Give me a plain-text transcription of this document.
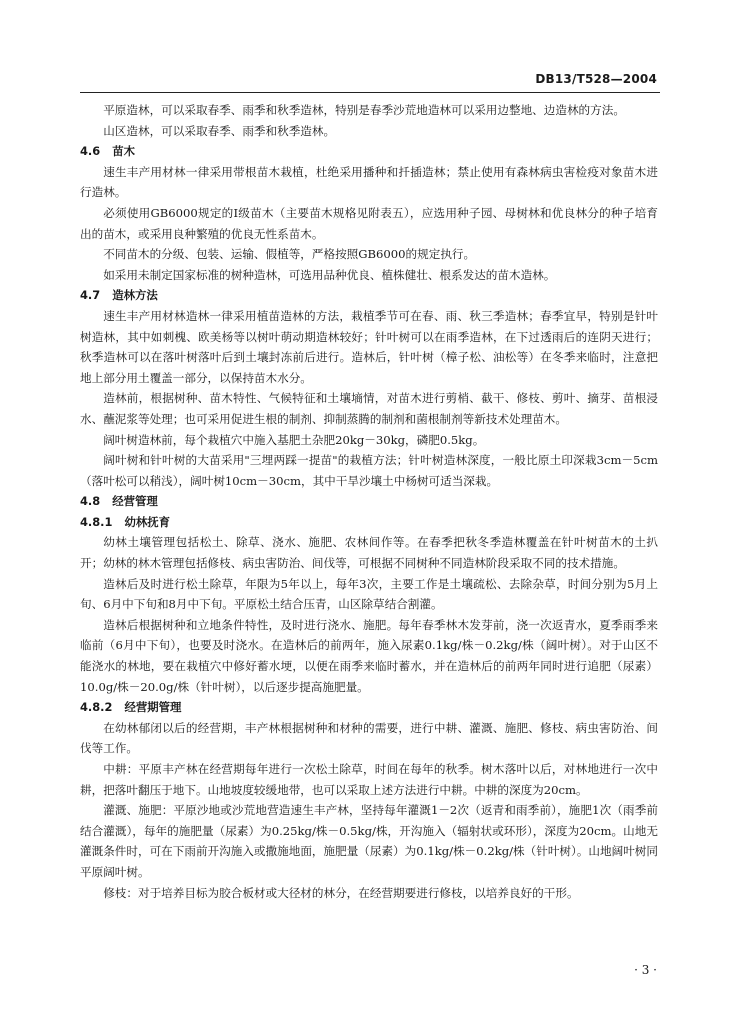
DB13/T528—2004
平原造林，可以采取春季、雨季和秋季造林，特别是春季沙荒地造林可以采用边整地、边造林的方法。
山区造林，可以采取春季、雨季和秋季造林。
4.6 苗木
速生丰产用材林一律采用带根苗木栽植，杜绝采用播种和扦插造林；禁止使用有森林病虫害检疫对象苗木进行造林。
必须使用GB6000规定的Ⅰ级苗木（主要苗木规格见附表五），应选用种子园、母树林和优良林分的种子培育出的苗木，或采用良种繁殖的优良无性系苗木。
不同苗木的分级、包装、运输、假植等，严格按照GB6000的规定执行。
如采用未制定国家标准的树种造林，可选用品种优良、植株健壮、根系发达的苗木造林。
4.7 造林方法
速生丰产用材林造林一律采用植苗造林的方法，栽植季节可在春、雨、秋三季造林；春季宜早，特别是针叶树造林，其中如刺槐、欧美杨等以树叶萌动期造林较好；针叶树可以在雨季造林，在下过透雨后的连阴天进行；秋季造林可以在落叶树落叶后到土壤封冻前后进行。造林后，针叶树（樟子松、油松等）在冬季来临时，注意把地上部分用土覆盖一部分，以保持苗木水分。
造林前，根据树种、苗木特性、气候特征和土壤墒情，对苗木进行剪梢、截干、修枝、剪叶、摘芽、苗根浸水、蘸泥浆等处理；也可采用促进生根的制剂、抑制蒸腾的制剂和菌根制剂等新技术处理苗木。
阔叶树造林前，每个栽植穴中施入基肥土杂肥20kg－30kg，磷肥0.5kg。
阔叶树和针叶树的大苗采用"三埋两踩一提苗"的栽植方法；针叶树造林深度，一般比原土印深栽3cm－5cm（落叶松可以稍浅），阔叶树10cm－30cm，其中干旱沙壤土中杨树可适当深栽。
4.8 经营管理
4.8.1 幼林抚育
幼林土壤管理包括松土、除草、浇水、施肥、农林间作等。在春季把秋冬季造林覆盖在针叶树苗木的土扒开；幼林的林木管理包括修枝、病虫害防治、间伐等，可根据不同树种不同造林阶段采取不同的技术措施。
造林后及时进行松土除草，年限为5年以上，每年3次，主要工作是土壤疏松、去除杂草，时间分别为5月上旬、6月中下旬和8月中下旬。平原松土结合压青，山区除草结合割灌。
造林后根据树种和立地条件特性，及时进行浇水、施肥。每年春季林木发芽前，浇一次返青水，夏季雨季来临前（6月中下旬），也要及时浇水。在造林后的前两年，施入尿素0.1kg/株－0.2kg/株（阔叶树）。对于山区不能浇水的林地，要在栽植穴中修好蓄水埂，以便在雨季来临时蓄水，并在造林后的前两年同时进行追肥（尿素）10.0g/株－20.0g/株（针叶树），以后逐步提高施肥量。
4.8.2 经营期管理
在幼林郁闭以后的经营期，丰产林根据树种和材种的需要，进行中耕、灌溉、施肥、修枝、病虫害防治、间伐等工作。
中耕：平原丰产林在经营期每年进行一次松土除草，时间在每年的秋季。树木落叶以后，对林地进行一次中耕，把落叶翻压于地下。山地坡度较缓地带，也可以采取上述方法进行中耕。中耕的深度为20cm。
灌溉、施肥：平原沙地或沙荒地营造速生丰产林，坚持每年灌溉1－2次（返青和雨季前），施肥1次（雨季前结合灌溉），每年的施肥量（尿素）为0.25kg/株－0.5kg/株，开沟施入（辐射状或环形），深度为20cm。山地无灌溉条件时，可在下雨前开沟施入或撒施地面，施肥量（尿素）为0.1kg/株－0.2kg/株（针叶树）。山地阔叶树同平原阔叶树。
修枝：对于培养目标为胶合板材或大径材的林分，在经营期要进行修枝，以培养良好的干形。
· 3 ·
